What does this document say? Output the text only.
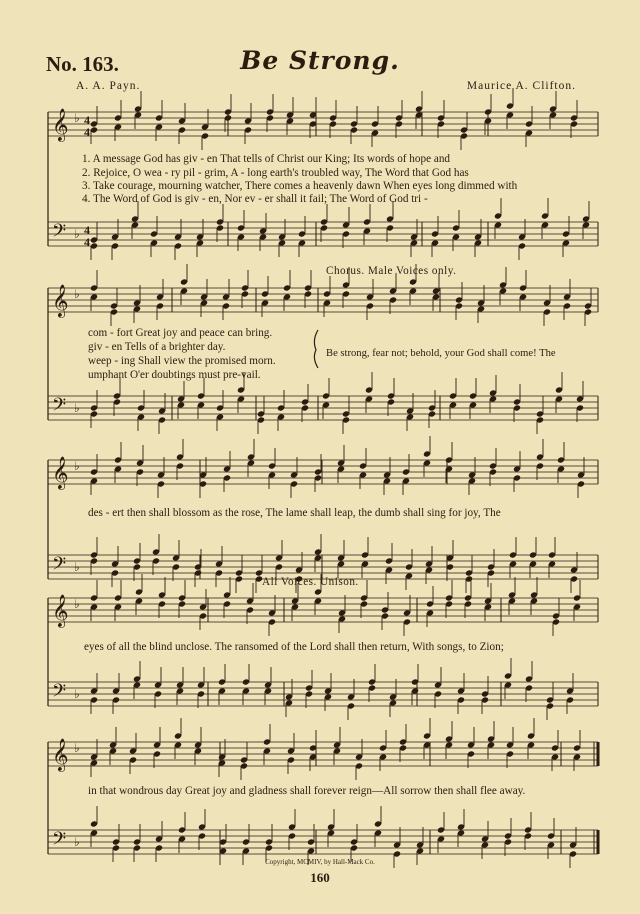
𝄞
𝄢
♭
♭
𝄞
𝄢
♭
♭
𝄞
𝄢
♭
♭
𝄞
𝄢
♭
♭
𝄞
𝄢
♭
♭
4
4
4
4
No. 163.	Be Strong.
A. A. Payn.	Maurice A. Clifton.
1. A message God has giv - en That tells of Christ our King; Its words of hope and
2. Rejoice, O wea - ry pil - grim, A - long earth's troubled way, The Word that God has
3. Take courage, mourning watcher, There comes a heavenly dawn When eyes long dimmed with
4. The Word of God is giv - en, Nor ev - er shall it fail; The Word of God tri -
Chorus. Male Voices only.
com - fort Great joy and peace can bring.
giv - en Tells of a brighter day.
weep - ing Shall view the promised morn.
umphant O'er doubtings must pre-vail.
Be strong, fear not; behold, your God shall come! The
des - ert then shall blossom as the rose, The lame shall leap, the dumb shall sing for joy, The
All Voices. Unison.
eyes of all the blind unclose. The ransomed of the Lord shall then return, With songs, to Zion;
in that wondrous day Great joy and gladness shall forever reign—All sorrow then shall flee away.
Copyright, MCMIV, by Hall-Mack Co.
160
